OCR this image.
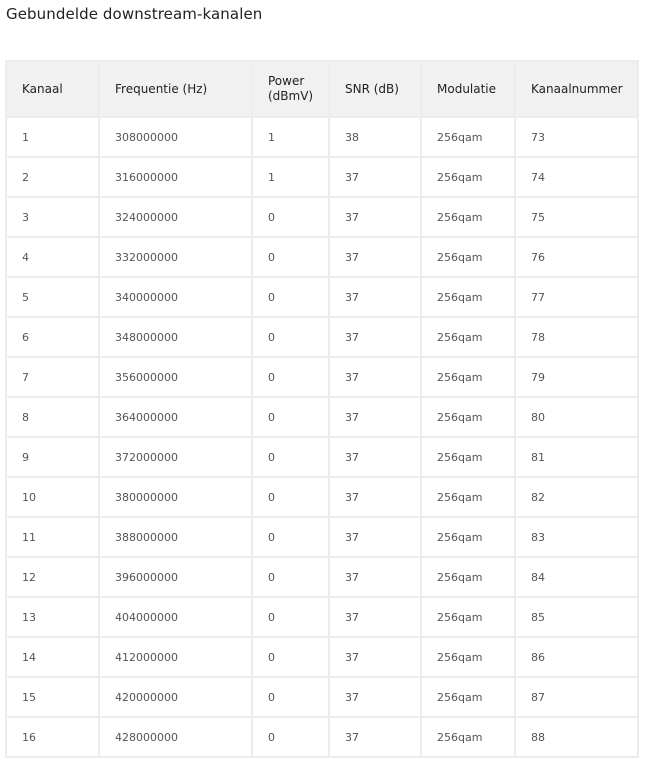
Gebundelde downstream-kanalen
Kanaal	Frequentie (Hz)	Power (dBmV)	SNR (dB)	Modulatie	Kanaalnummer
1	308000000	1	38	256qam	73
2	316000000	1	37	256qam	74
3	324000000	0	37	256qam	75
4	332000000	0	37	256qam	76
5	340000000	0	37	256qam	77
6	348000000	0	37	256qam	78
7	356000000	0	37	256qam	79
8	364000000	0	37	256qam	80
9	372000000	0	37	256qam	81
10	380000000	0	37	256qam	82
11	388000000	0	37	256qam	83
12	396000000	0	37	256qam	84
13	404000000	0	37	256qam	85
14	412000000	0	37	256qam	86
15	420000000	0	37	256qam	87
16	428000000	0	37	256qam	88
